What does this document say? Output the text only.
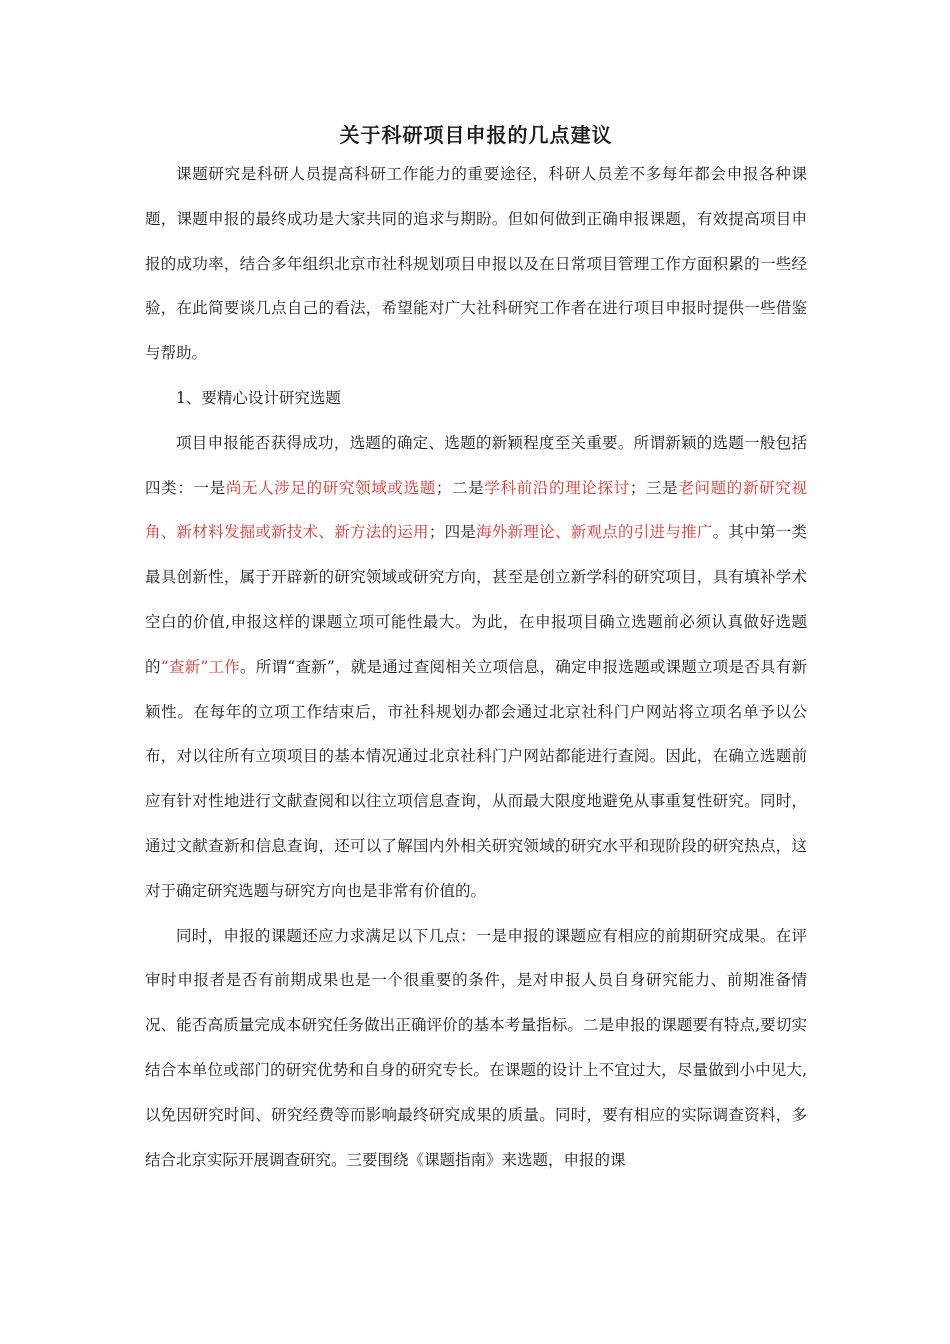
关于科研项目申报的几点建议

课题研究是科研人员提高科研工作能力的重要途径，科研人员差不多每年都会申报各种课题，课题申报的最终成功是大家共同的追求与期盼。但如何做到正确申报课题，有效提高项目申报的成功率，结合多年组织北京市社科规划项目申报以及在日常项目管理工作方面积累的一些经验，在此简要谈几点自己的看法，希望能对广大社科研究工作者在进行项目申报时提供一些借鉴与帮助。

1、要精心设计研究选题

项目申报能否获得成功，选题的确定、选题的新颖程度至关重要。所谓新颖的选题一般包括四类：一是尚无人涉足的研究领域或选题；二是学科前沿的理论探讨；三是老问题的新研究视角、新材料发掘或新技术、新方法的运用；四是海外新理论、新观点的引进与推广。其中第一类最具创新性，属于开辟新的研究领域或研究方向，甚至是创立新学科的研究项目，具有填补学术空白的价值,申报这样的课题立项可能性最大。为此，在申报项目确立选题前必须认真做好选题的“查新”工作。所谓“查新”，就是通过查阅相关立项信息，确定申报选题或课题立项是否具有新颖性。在每年的立项工作结束后，市社科规划办都会通过北京社科门户网站将立项名单予以公布，对以往所有立项项目的基本情况通过北京社科门户网站都能进行查阅。因此，在确立选题前应有针对性地进行文献查阅和以往立项信息查询，从而最大限度地避免从事重复性研究。同时，通过文献查新和信息查询，还可以了解国内外相关研究领域的研究水平和现阶段的研究热点，这对于确定研究选题与研究方向也是非常有价值的。

同时，申报的课题还应力求满足以下几点：一是申报的课题应有相应的前期研究成果。在评审时申报者是否有前期成果也是一个很重要的条件，是对申报人员自身研究能力、前期准备情况、能否高质量完成本研究任务做出正确评价的基本考量指标。二是申报的课题要有特点,要切实结合本单位或部门的研究优势和自身的研究专长。在课题的设计上不宜过大，尽量做到小中见大,以免因研究时间、研究经费等而影响最终研究成果的质量。同时，要有相应的实际调查资料，多结合北京实际开展调查研究。三要围绕《课题指南》来选题，申报的课
